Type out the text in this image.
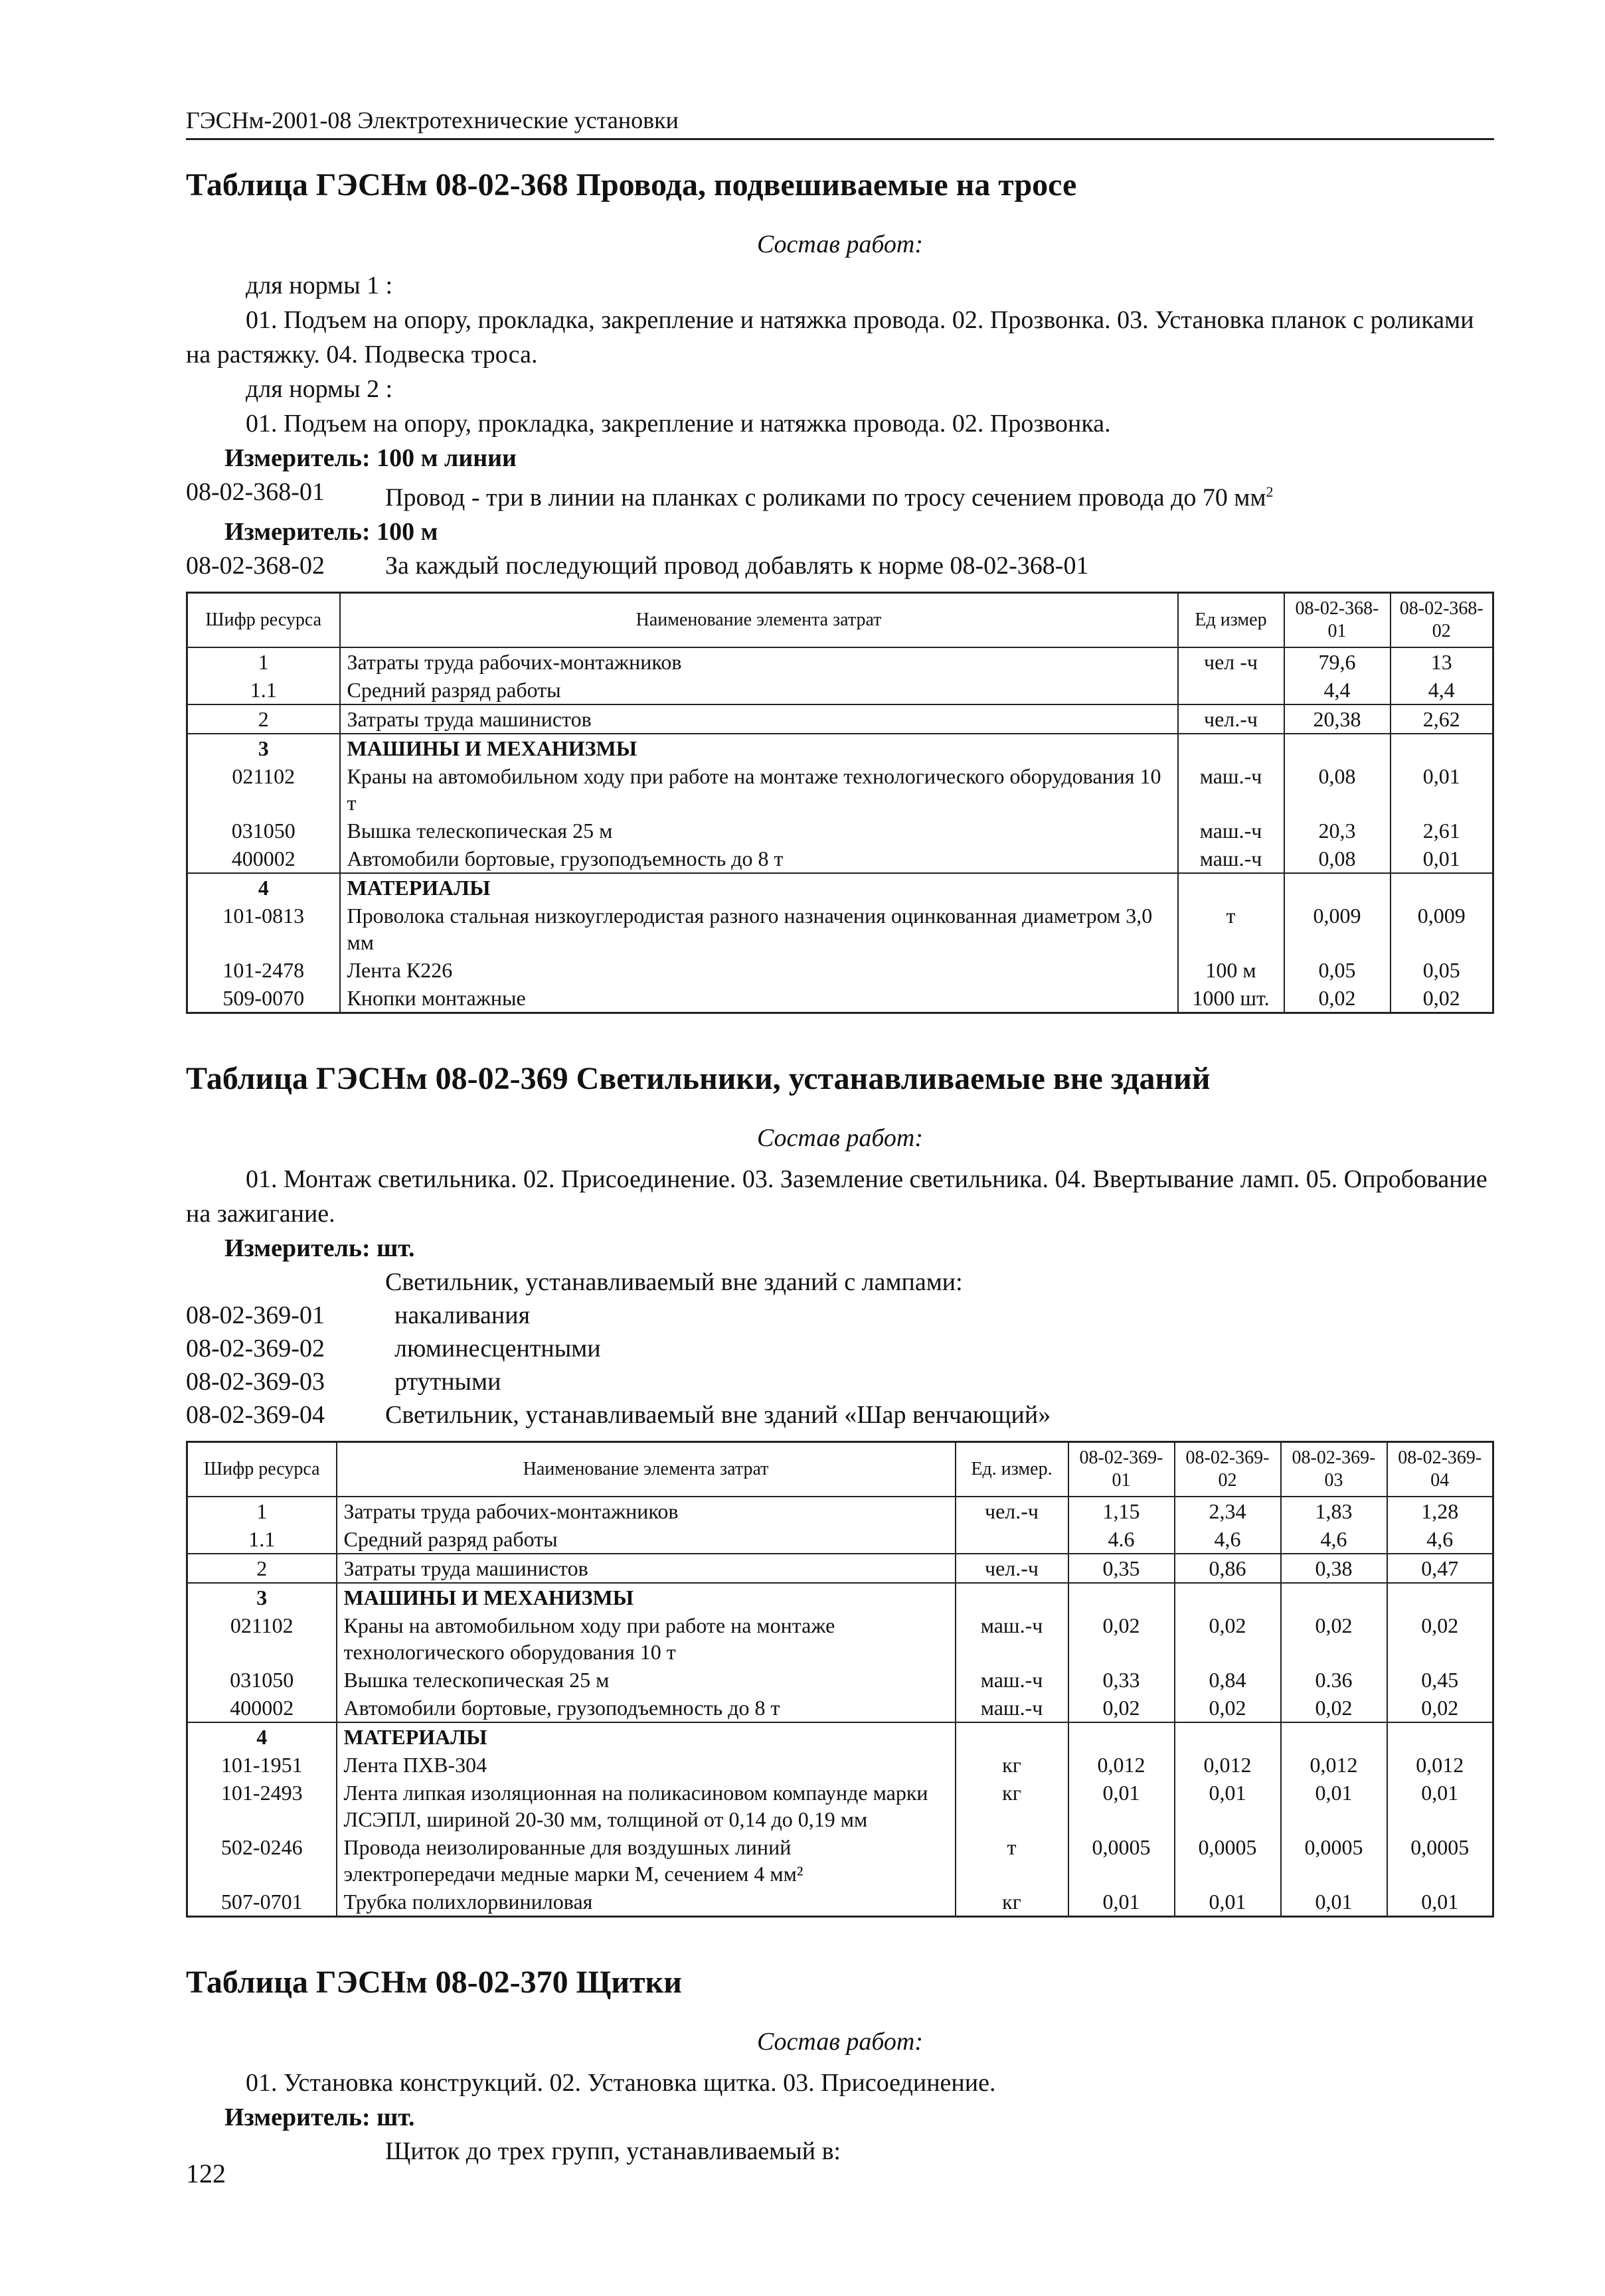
ГЭСНм-2001-08 Электротехнические установки
Таблица ГЭСНм 08-02-368 Провода, подвешиваемые на тросе
Состав работ:
для нормы 1 :
01. Подъем на опору, прокладка, закрепление и натяжка провода. 02. Прозвонка. 03. Установка планок с роликами на растяжку. 04. Подвеска троса.
для нормы 2 :
01. Подъем на опору, прокладка, закрепление и натяжка провода. 02. Прозвонка.
Измеритель: 100 м линии
08-02-368-01	Провод - три в линии на планках с роликами по тросу сечением провода до 70 $мм^2$
Измеритель: 100 м
08-02-368-02	За каждый последующий провод добавлять к норме 08-02-368-01
Шифр ресурса	Наименование элемента затрат	Ед измер	08-02-368-01	08-02-368-02
1	Затраты труда рабочих-монтажников	чел -ч	79,6	13
1.1	Средний разряд работы		4,4	4,4
2	Затраты труда машинистов	чел.-ч	20,38	2,62
3	МАШИНЫ И МЕХАНИЗМЫ			
021102	Краны на автомобильном ходу при работе на монтаже технологического оборудования 10 т	маш.-ч	0,08	0,01
031050	Вышка телескопическая 25 м	маш.-ч	20,3	2,61
400002	Автомобили бортовые, грузоподъемность до 8 т	маш.-ч	0,08	0,01
4	МАТЕРИАЛЫ			
101-0813	Проволока стальная низкоуглеродистая разного назначения оцинкованная диаметром 3,0 мм	т	0,009	0,009
101-2478	Лента К226	100 м	0,05	0,05
509-0070	Кнопки монтажные	1000 шт.	0,02	0,02
Таблица ГЭСНм 08-02-369 Светильники, устанавливаемые вне зданий
Состав работ:
01. Монтаж светильника. 02. Присоединение. 03. Заземление светильника. 04. Ввертывание ламп. 05. Опробование на зажигание.
Измеритель: шт.
Светильник, устанавливаемый вне зданий с лампами:
08-02-369-01	накаливания
08-02-369-02	люминесцентными
08-02-369-03	ртутными
08-02-369-04	Светильник, устанавливаемый вне зданий «Шар венчающий»
Шифр ресурса	Наименование элемента затрат	Ед. измер.	08-02-369-01	08-02-369-02	08-02-369-03	08-02-369-04
1	Затраты труда рабочих-монтажников	чел.-ч	1,15	2,34	1,83	1,28
1.1	Средний разряд работы		4.6	4,6	4,6	4,6
2	Затраты труда машинистов	чел.-ч	0,35	0,86	0,38	0,47
3	МАШИНЫ И МЕХАНИЗМЫ					
021102	Краны на автомобильном ходу при работе на монтаже технологического оборудования 10 т	маш.-ч	0,02	0,02	0,02	0,02
031050	Вышка телескопическая 25 м	маш.-ч	0,33	0,84	0.36	0,45
400002	Автомобили бортовые, грузоподъемность до 8 т	маш.-ч	0,02	0,02	0,02	0,02
4	МАТЕРИАЛЫ					
101-1951	Лента ПХВ-304	кг	0,012	0,012	0,012	0,012
101-2493	Лента липкая изоляционная на поликасиновом компаунде марки ЛСЭПЛ, шириной 20-30 мм, толщиной от 0,14 до 0,19 мм	кг	0,01	0,01	0,01	0,01
502-0246	Провода неизолированные для воздушных линий электропередачи медные марки М, сечением 4 мм²	т	0,0005	0,0005	0,0005	0,0005
507-0701	Трубка полихлорвиниловая	кг	0,01	0,01	0,01	0,01
Таблица ГЭСНм 08-02-370 Щитки
Состав работ:
01. Установка конструкций. 02. Установка щитка. 03. Присоединение.
Измеритель: шт.
Щиток до трех групп, устанавливаемый в:
122
